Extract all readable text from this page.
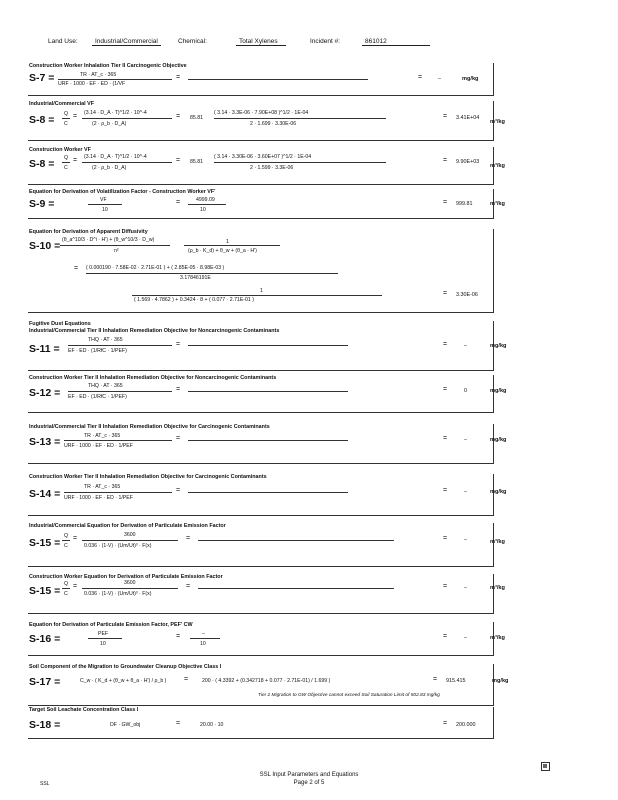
Land Use:	Industrial/Commercial	Chemical:	Total Xylenes	Incident #:	861012
Construction Worker Inhalation Tier II Carcinogenic Objective
S-7 =	TR · AT_c · 365
URF · 1000 · EF · ED · (1/VF
=	=	–	mg/kg
Industrial/Commercial VF
S-8 = Q
C
= (3.14 · D_A · T)^1/2 · 10^-4
(2 · ρ_b · D_A)
= 85.81
( 3.14 · 3.3E-06 · 7.90E+08 )^1/2 · 1E-04
2 · 1.699 · 3.30E-06
= 3.41E+04
m³/kg
Construction Worker VF
S-8 = Q
C
= (3.14 · D_A · T)^1/2 · 10^-4
(2 · ρ_b · D_A)
= 85.81
( 3.14 · 3.30E-06 · 3.60E+07 )^1/2 · 1E-04
2 · 1.599 · 3.3E-06
= 9.90E+03
m³/kg
Equation for Derivation of Volatilization Factor - Construction Worker VF'
S-9 =	VF
10
=	4999.09
10
= 999.81	m³/kg
Equation for Derivation of Apparent Diffusivity
S-10 = (θ_a^10/3 · D^i · H') + (θ_w^10/3 · D_w)
n²
1
(ρ_b · K_d) + θ_w + (θ_a · H')
= ( 0.000190 · 7.58E-02 · 2.71E-01 ) + ( 2.85E-05 · 8.98E-03 )
3.17846191E
1
( 1.569 · 4.7862 ) + 0.3424 · 8 + ( 0.077 · 2.71E-01 )
= 3.30E-06
Fugitive Dust Equations
Industrial/Commercial Tier II Inhalation Remediation Objective for Noncarcinogenic Contaminants
S-11 =
THQ · AT · 365
EF · ED · (1/RfC · 1/PEF)
=	=	–	mg/kg
Construction Worker Tier II Inhalation Remediation Objective for Noncarcinogenic Contaminants
S-12 =
THQ · AT · 365
EF · ED · (1/RfC · 1/PEF)
=	=	0	mg/kg
Industrial/Commercial Tier II Inhalation Remediation Objective for Carcinogenic Contaminants
S-13 =	TR · AT_c · 365
URF · 1000 · EF · ED · 1/PEF
=	=	–	mg/kg
Construction Worker Tier II Inhalation Remediation Objective for Carcinogenic Contaminants
S-14 =
TR · AT_c · 365
URF · 1000 · EF · ED · 1/PEF
=	=	–	mg/kg
Industrial/Commercial Equation for Derivation of Particulate Emission Factor
S-15 =
Q
C
=	3600
0.036 · (1-V) · (Um/Ut)³ · F(x)
=	=	–	m³/kg
Construction Worker Equation for Derivation of Particulate Emission Factor
S-15 =
Q
C
=	3600
0.036 · (1-V) · (Um/Ut)³ · F(x)
=	=	–	m³/kg
Equation for Derivation of Particulate Emission Factor, PEF' CW
S-16 =	PEF
10
=	–
10
=	–	m³/kg
Soil Component of the Migration to Groundwater Cleanup Objective Class I
S-17 =	C_w · ( K_d + (θ_w + θ_a · H') / ρ_b )	=	200 · ( 4.3392 + (0.342718 + 0.077 · 2.71E-01) / 1.699 )	= 915.415	mg/kg
Tier 2 Migration to GW Objective cannot exceed Soil Saturation Limit of 502.83 mg/kg
Target Soil Leachate Concentration Class I
S-18 =	DF · GW_obj	=	20.00 · 10	= 200.000
SSL
SSL Input Parameters and Equations
Page 2 of 5
